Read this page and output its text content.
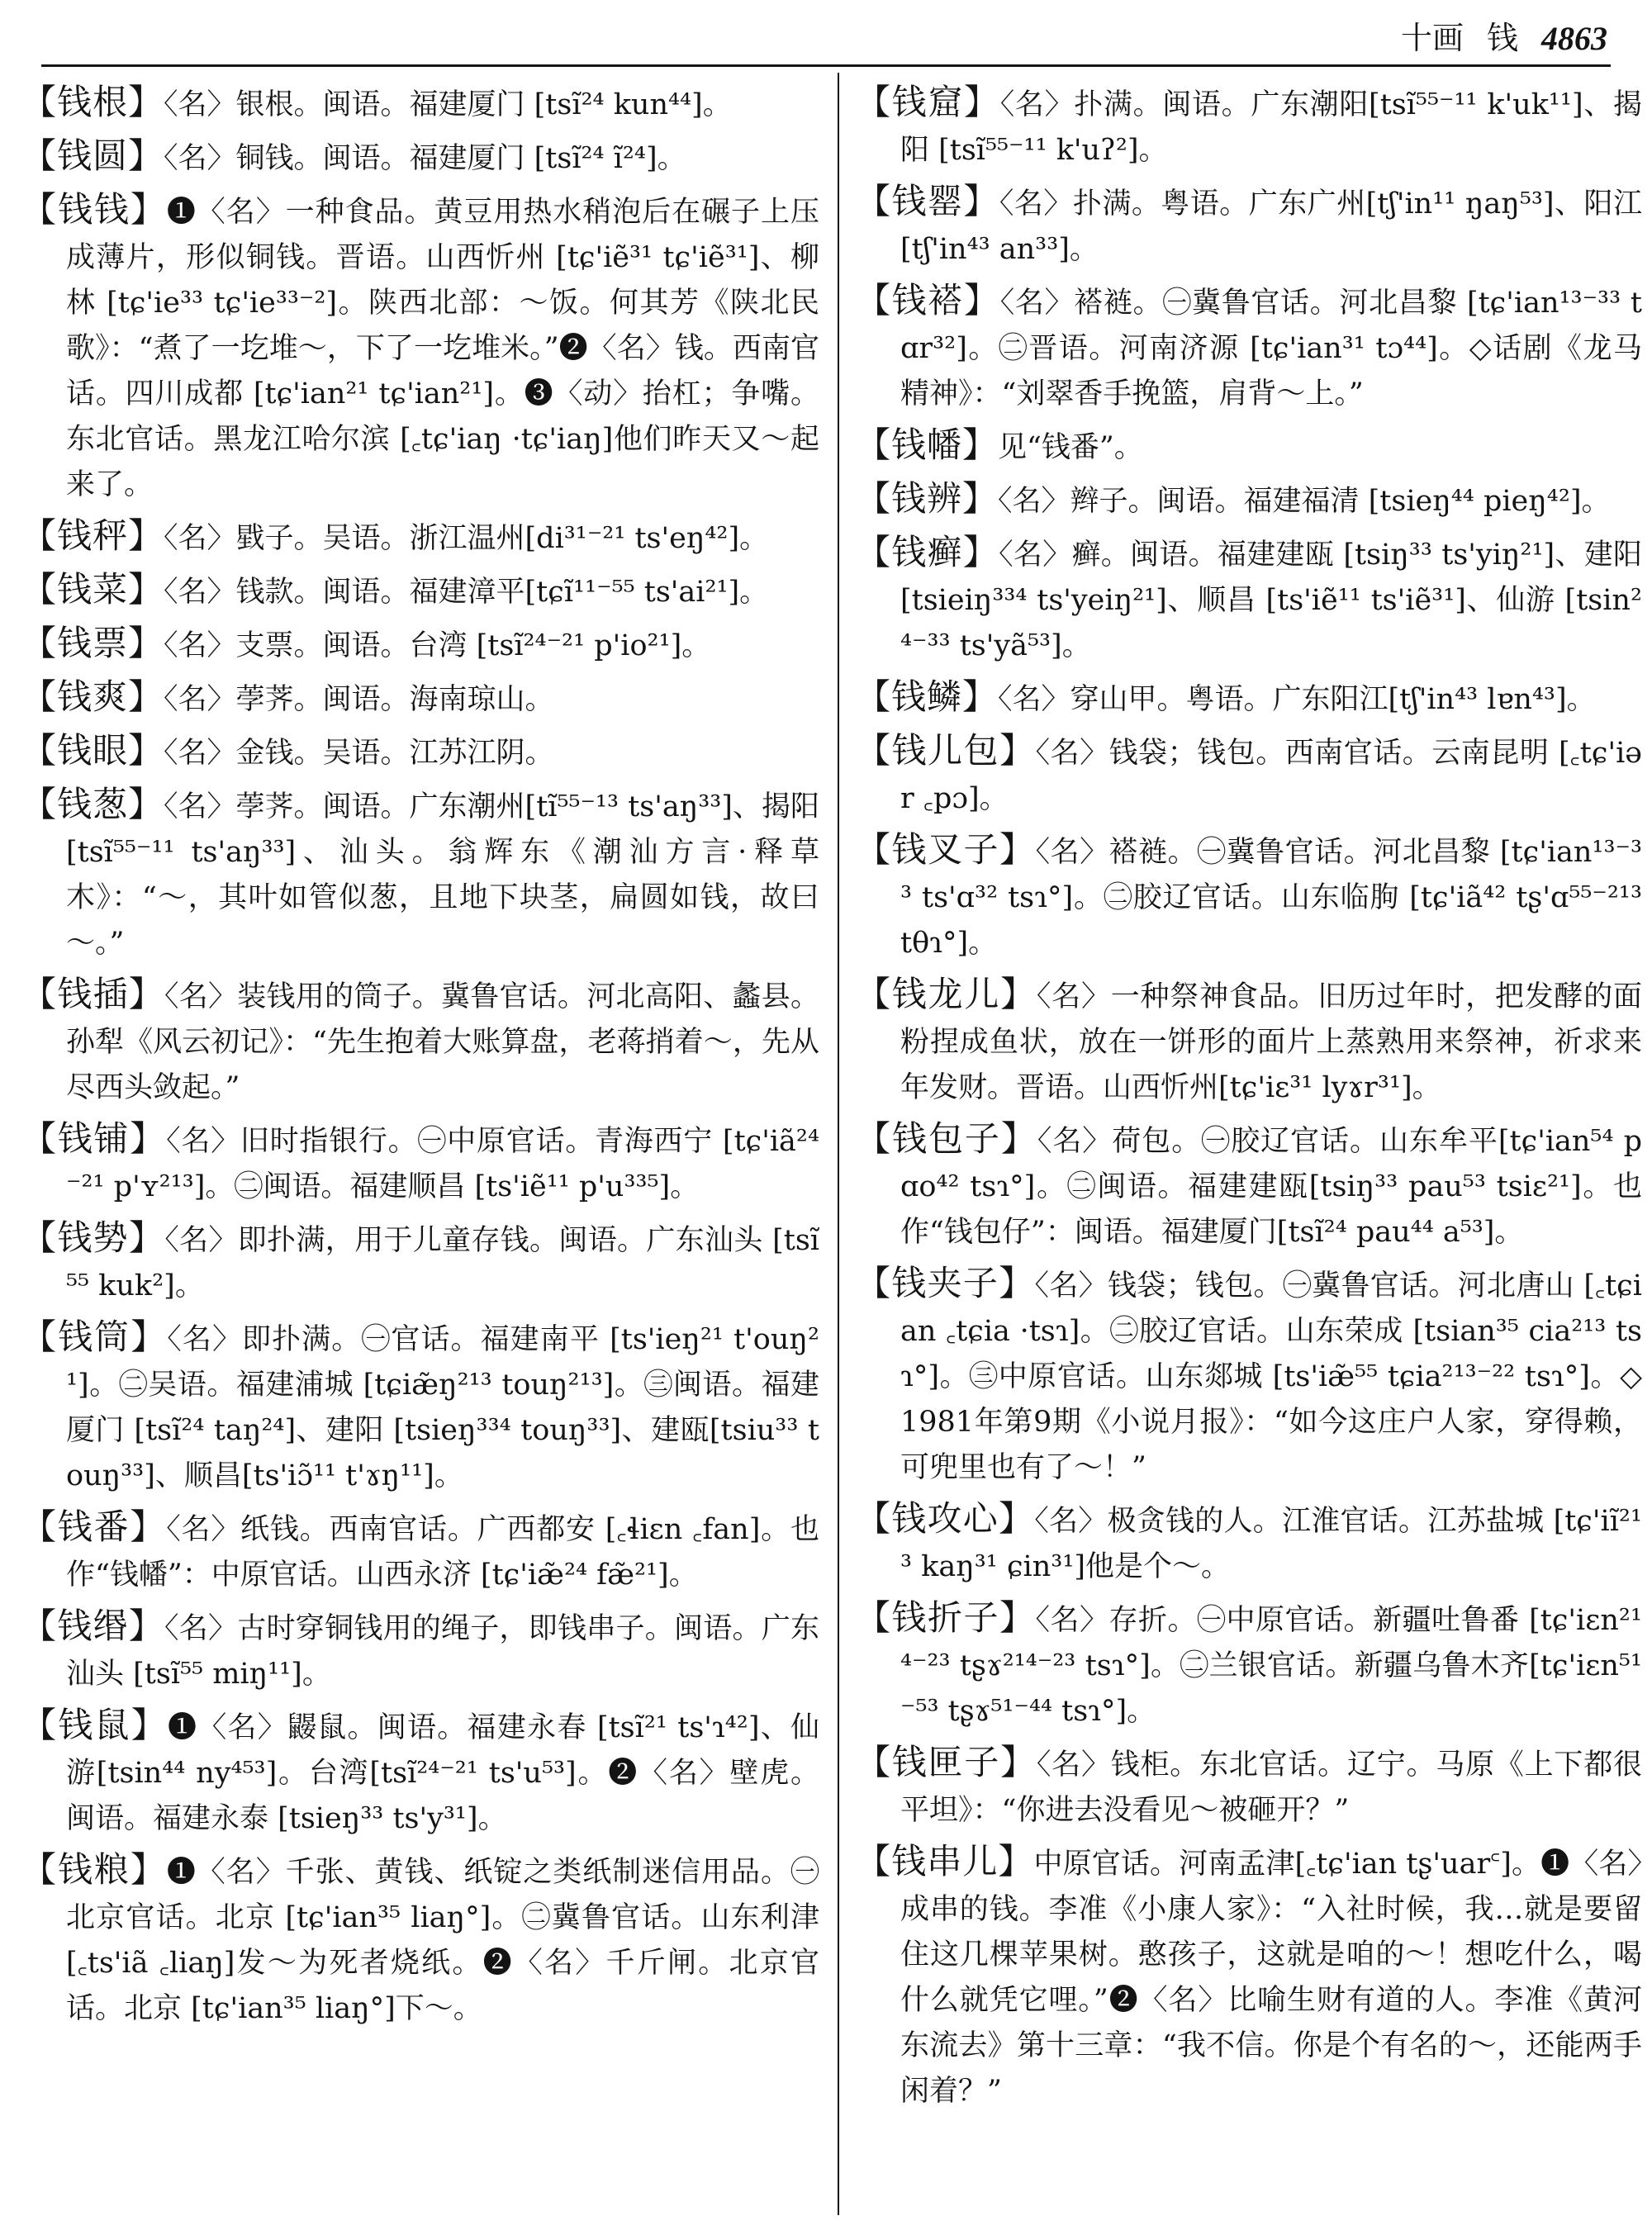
十画 钱 4863

【钱根】〈名〉银根。闽语。福建厦门 [tsĩ²⁴ kun⁴⁴]。

【钱圆】〈名〉铜钱。闽语。福建厦门 [tsĩ²⁴ ĩ²⁴]。

【钱钱】❶〈名〉一种食品。黄豆用热水稍泡后在碾子上压成薄片，形似铜钱。晋语。山西忻州 [tɕ'iẽ³¹ tɕ'iẽ³¹]、柳林 [tɕ'ie³³ tɕ'ie³³⁻²]。陕西北部：～饭。何其芳《陕北民歌》：“煮了一圪堆～，下了一圪堆米。”❷〈名〉钱。西南官话。四川成都 [tɕ'ian²¹ tɕ'ian²¹]。❸〈动〉抬杠；争嘴。东北官话。黑龙江哈尔滨 [꜀tɕ'iaŋ ·tɕ'iaŋ]他们昨天又～起来了。

【钱秤】〈名〉戥子。吴语。浙江温州[di³¹⁻²¹ ts'eŋ⁴²]。

【钱菜】〈名〉钱款。闽语。福建漳平[tɕĩ¹¹⁻⁵⁵ ts'ai²¹]。

【钱票】〈名〉支票。闽语。台湾 [tsĩ²⁴⁻²¹ p'io²¹]。

【钱爽】〈名〉荸荠。闽语。海南琼山。

【钱眼】〈名〉金钱。吴语。江苏江阴。

【钱葱】〈名〉荸荠。闽语。广东潮州[tĩ⁵⁵⁻¹³ ts'aŋ³³]、揭阳 [tsĩ⁵⁵⁻¹¹ ts'aŋ³³]、汕头。翁辉东《潮汕方言·释草木》：“～，其叶如管似葱，且地下块茎，扁圆如钱，故曰～。”

【钱插】〈名〉装钱用的筒子。冀鲁官话。河北高阳、蠡县。孙犁《风云初记》：“先生抱着大账算盘，老蒋捎着～，先从尽西头敛起。”

【钱铺】〈名〉旧时指银行。㊀中原官话。青海西宁 [tɕ'iã²⁴⁻²¹ p'ʏ²¹³]。㊁闽语。福建顺昌 [ts'iẽ¹¹ p'u³³⁵]。

【钱㔟】〈名〉即扑满，用于儿童存钱。闽语。广东汕头 [tsĩ⁵⁵ kuk²]。

【钱筒】〈名〉即扑满。㊀官话。福建南平 [ts'ieŋ²¹ t'ouŋ²¹]。㊁吴语。福建浦城 [tɕiæ̃ŋ²¹³ touŋ²¹³]。㊂闽语。福建厦门 [tsĩ²⁴ taŋ²⁴]、建阳 [tsieŋ³³⁴ touŋ³³]、建瓯[tsiu³³ touŋ³³]、顺昌[ts'iɔ̃¹¹ t'ɤŋ¹¹]。

【钱番】〈名〉纸钱。西南官话。广西都安 [꜀ɬiɛn ꜀fan]。也作“钱幡”：中原官话。山西永济 [tɕ'iæ̃²⁴ fæ̃²¹]。

【钱缗】〈名〉古时穿铜钱用的绳子，即钱串子。闽语。广东汕头 [tsĩ⁵⁵ miŋ¹¹]。

【钱鼠】❶〈名〉鼹鼠。闽语。福建永春 [tsĩ²¹ ts'ɿ⁴²]、仙游[tsin⁴⁴ ny⁴⁵³]。台湾[tsĩ²⁴⁻²¹ ts'u⁵³]。❷〈名〉壁虎。闽语。福建永泰 [tsieŋ³³ ts'y³¹]。

【钱粮】❶〈名〉千张、黄钱、纸锭之类纸制迷信用品。㊀北京官话。北京 [tɕ'ian³⁵ liaŋ°]。㊁冀鲁官话。山东利津 [꜀ts'iã ꜀liaŋ]发～为死者烧纸。❷〈名〉千斤闸。北京官话。北京 [tɕ'ian³⁵ liaŋ°]下～。

【钱窟】〈名〉扑满。闽语。广东潮阳[tsĩ⁵⁵⁻¹¹ k'uk¹¹]、揭阳 [tsĩ⁵⁵⁻¹¹ k'uʔ²]。

【钱罂】〈名〉扑满。粤语。广东广州[tʃ'in¹¹ ŋaŋ⁵³]、阳江[tʃ'in⁴³ an³³]。

【钱褡】〈名〉褡裢。㊀冀鲁官话。河北昌黎 [tɕ'ian¹³⁻³³ tɑr³²]。㊁晋语。河南济源 [tɕ'ian³¹ tɔ⁴⁴]。◇话剧《龙马精神》：“刘翠香手挽篮，肩背～上。”

【钱幡】见“钱番”。

【钱辨】〈名〉辫子。闽语。福建福清 [tsieŋ⁴⁴ pieŋ⁴²]。

【钱癣】〈名〉癣。闽语。福建建瓯 [tsiŋ³³ ts'yiŋ²¹]、建阳 [tsieiŋ³³⁴ ts'yeiŋ²¹]、顺昌 [ts'iẽ¹¹ ts'iẽ³¹]、仙游 [tsin²⁴⁻³³ ts'yã⁵³]。

【钱鳞】〈名〉穿山甲。粤语。广东阳江[tʃ'in⁴³ lɐn⁴³]。

【钱儿包】〈名〉钱袋；钱包。西南官话。云南昆明 [꜀tɕ'iər ꜀pɔ]。

【钱叉子】〈名〉褡裢。㊀冀鲁官话。河北昌黎 [tɕ'ian¹³⁻³³ ts'ɑ³² tsɿ°]。㊁胶辽官话。山东临朐 [tɕ'iã⁴² tʂ'ɑ⁵⁵⁻²¹³ tθɿ°]。

【钱龙儿】〈名〉一种祭神食品。旧历过年时，把发酵的面粉捏成鱼状，放在一饼形的面片上蒸熟用来祭神，祈求来年发财。晋语。山西忻州[tɕ'iɛ³¹ lyɤr³¹]。

【钱包子】〈名〉荷包。㊀胶辽官话。山东牟平[tɕ'ian⁵⁴ pɑo⁴² tsɿ°]。㊁闽语。福建建瓯[tsiŋ³³ pau⁵³ tsiɛ²¹]。也作“钱包仔”：闽语。福建厦门[tsĩ²⁴ pau⁴⁴ a⁵³]。

【钱夹子】〈名〉钱袋；钱包。㊀冀鲁官话。河北唐山 [꜀tɕian ꜀tɕia ·tsɿ]。㊁胶辽官话。山东荣成 [tsian³⁵ cia²¹³ tsɿ°]。㊂中原官话。山东郯城 [ts'iæ̃⁵⁵ tɕia²¹³⁻²² tsɿ°]。◇1981年第9期《小说月报》：“如今这庄户人家，穿得赖，可兜里也有了～！”

【钱攻心】〈名〉极贪钱的人。江淮官话。江苏盐城 [tɕ'iĩ²¹³ kaŋ³¹ ɕin³¹]他是个～。

【钱折子】〈名〉存折。㊀中原官话。新疆吐鲁番 [tɕ'iɛn²¹⁴⁻²³ tʂɤ²¹⁴⁻²³ tsɿ°]。㊁兰银官话。新疆乌鲁木齐[tɕ'iɛn⁵¹⁻⁵³ tʂɤ⁵¹⁻⁴⁴ tsɿ°]。

【钱匣子】〈名〉钱柜。东北官话。辽宁。马原《上下都很平坦》：“你进去没看见～被砸开？”

【钱串儿】中原官话。河南孟津[꜀tɕ'ian tʂ'uar꜂]。❶〈名〉成串的钱。李准《小康人家》：“入社时候，我…就是要留住这几棵苹果树。憨孩子，这就是咱的～！想吃什么，喝什么就凭它哩。”❷〈名〉比喻生财有道的人。李准《黄河东流去》第十三章：“我不信。你是个有名的～，还能两手闲着？”
